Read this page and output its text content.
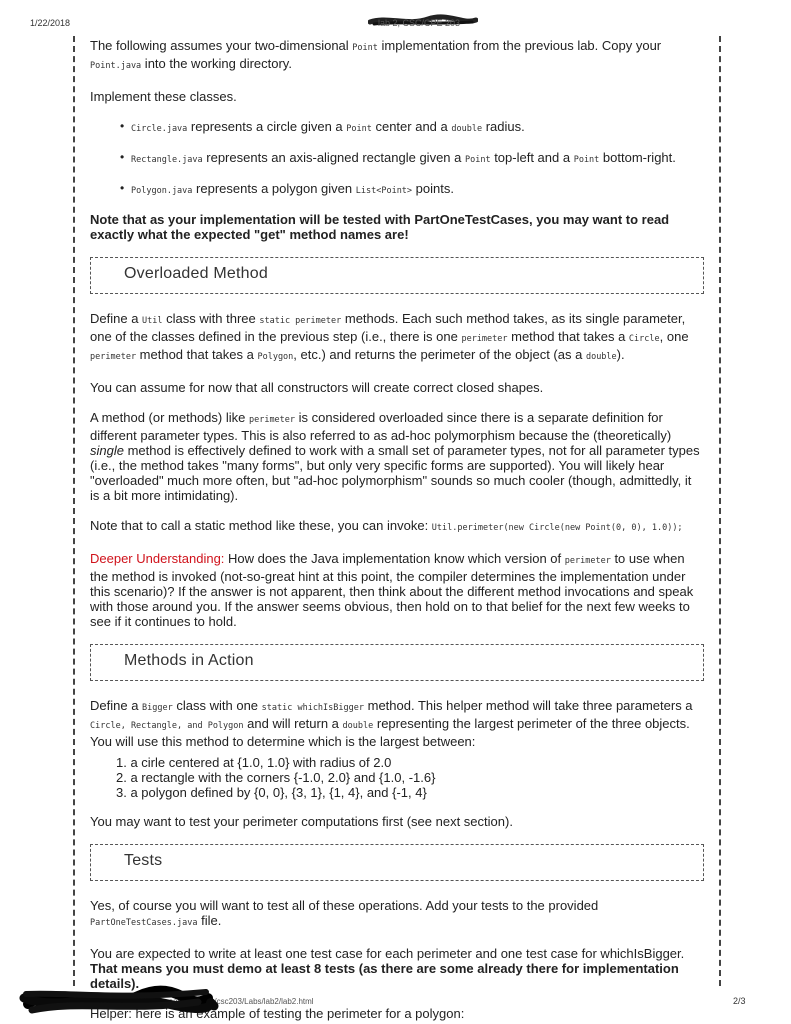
1/22/2018	lab 2, CSC/CPE 203

The following assumes your two-dimensional Point implementation from the previous lab. Copy your Point.java into the working directory.

Implement these classes.

• Circle.java represents a circle given a Point center and a double radius.
• Rectangle.java represents an axis-aligned rectangle given a Point top-left and a Point bottom-right.
• Polygon.java represents a polygon given List<Point> points.

Note that as your implementation will be tested with PartOneTestCases, you may want to read exactly what the expected "get" method names are!

Overloaded Method

Define a Util class with three static perimeter methods. Each such method takes, as its single parameter, one of the classes defined in the previous step (i.e., there is one perimeter method that takes a Circle, one perimeter method that takes a Polygon, etc.) and returns the perimeter of the object (as a double).

You can assume for now that all constructors will create correct closed shapes.

A method (or methods) like perimeter is considered overloaded since there is a separate definition for different parameter types. This is also referred to as ad-hoc polymorphism because the (theoretically) single method is effectively defined to work with a small set of parameter types, not for all parameter types (i.e., the method takes "many forms", but only very specific forms are supported). You will likely hear "overloaded" much more often, but "ad-hoc polymorphism" sounds so much cooler (though, admittedly, it is a bit more intimidating).

Note that to call a static method like these, you can invoke: Util.perimeter(new Circle(new Point(0, 0), 1.0));

Deeper Understanding: How does the Java implementation know which version of perimeter to use when the method is invoked (not-so-great hint at this point, the compiler determines the implementation under this scenario)? If the answer is not apparent, then think about the different method invocations and speak with those around you. If the answer seems obvious, then hold on to that belief for the next few weeks to see if it continues to hold.

Methods in Action

Define a Bigger class with one static whichIsBigger method. This helper method will take three parameters a Circle, Rectangle, and Polygon and will return a double representing the largest perimeter of the three objects. You will use this method to determine which is the largest between:

1. a cirle centered at {1.0, 1.0} with radius of 2.0
2. a rectangle with the corners {-1.0, 2.0} and {1.0, -1.6}
3. a polygon defined by {0, 0}, {3, 1}, {1, 4}, and {-1, 4}

You may want to test your perimeter computations first (see next section).

Tests

Yes, of course you will want to test all of these operations. Add your tests to the provided PartOneTestCases.java file.

You are expected to write at least one test case for each perimeter and one test case for whichIsBigger. That means you must demo at least 8 tests (as there are some already there for implementation details).

Helper: here is an example of testing the perimeter for a polygon:

http://users.csc.calpoly.edu/~zwood/teaching/csc203/Labs/lab2/lab2.html	2/3
